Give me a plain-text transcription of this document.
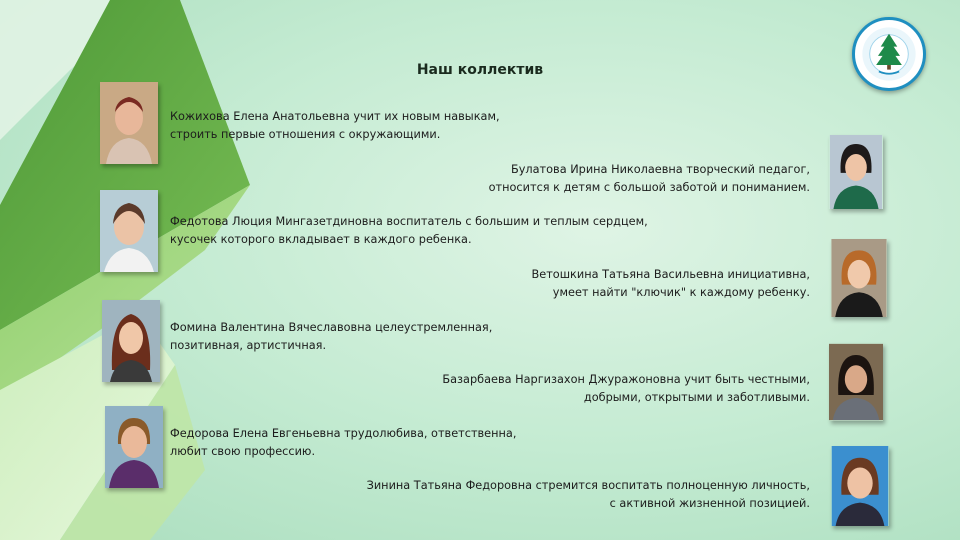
Наш коллектив
Кожихова Елена Анатольевна учит их новым навыкам,
строить первые отношения с окружающими.
Федотова Люция Мингазетдиновна воспитатель с большим и теплым сердцем,
кусочек которого вкладывает в каждого ребенка.
Фомина Валентина Вячеславовна целеустремленная,
позитивная, артистичная.
Федорова Елена Евгеньевна трудолюбива, ответственна,
любит свою профессию.
Булатова Ирина Николаевна творческий педагог,
относится к детям с большой заботой и пониманием.
Ветошкина Татьяна Васильевна инициативна,
умеет найти "ключик" к каждому ребенку.
Базарбаева Наргизахон Джуражоновна учит быть честными,
добрыми, открытыми и заботливыми.
Зинина Татьяна Федоровна стремится воспитать полноценную личность,
с активной жизненной позицией.
